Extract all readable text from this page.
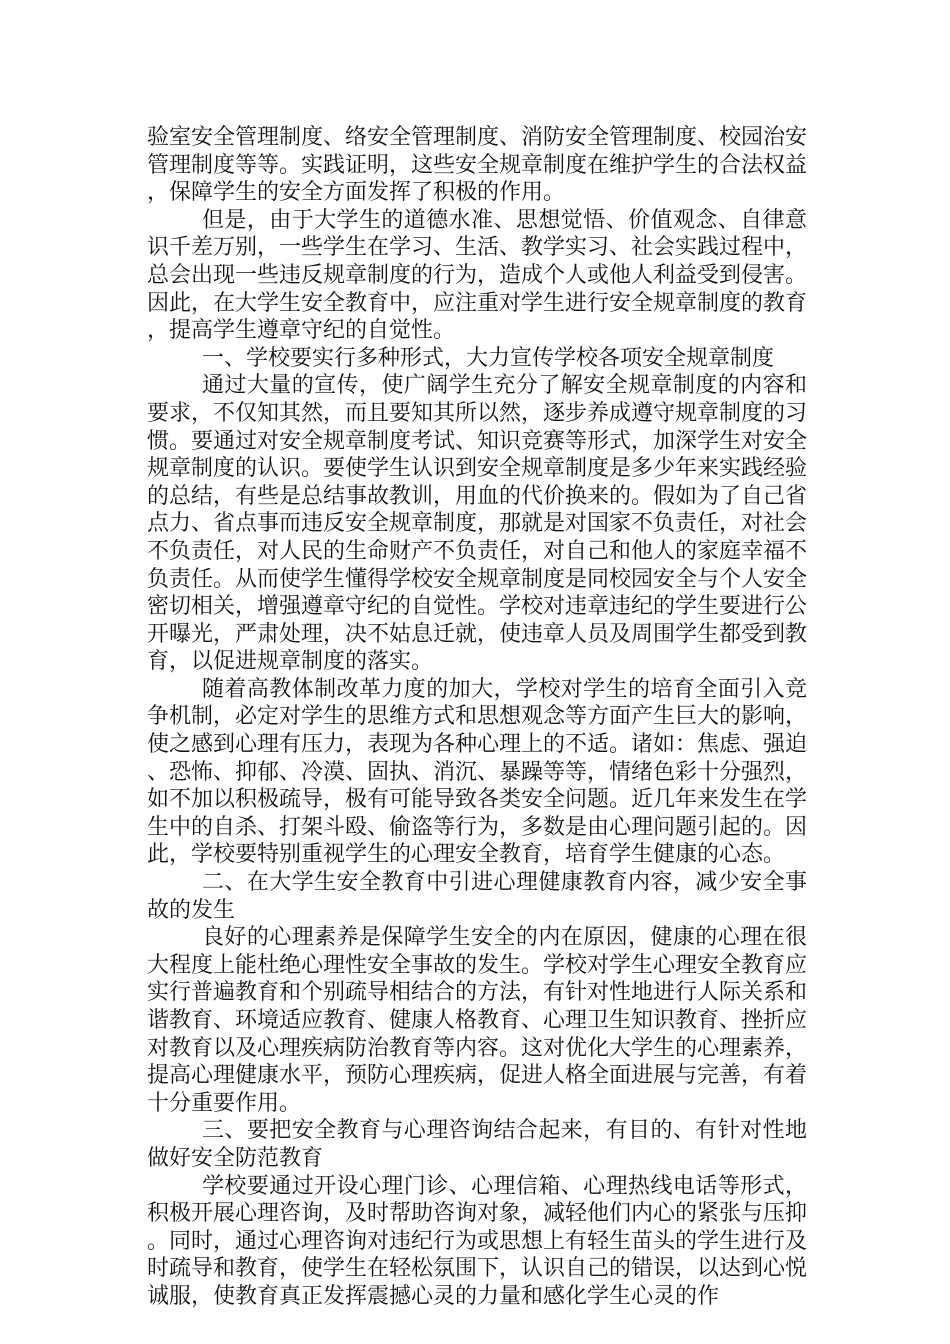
验室安全管理制度、络安全管理制度、消防安全管理制度、校园治安管理制度等等。实践证明，这些安全规章制度在维护学生的合法权益，保障学生的安全方面发挥了积极的作用。

但是，由于大学生的道德水准、思想觉悟、价值观念、自律意识千差万别，一些学生在学习、生活、教学实习、社会实践过程中，总会出现一些违反规章制度的行为，造成个人或他人利益受到侵害。因此，在大学生安全教育中，应注重对学生进行安全规章制度的教育，提高学生遵章守纪的自觉性。

一、学校要实行多种形式，大力宣传学校各项安全规章制度

通过大量的宣传，使广阔学生充分了解安全规章制度的内容和要求，不仅知其然，而且要知其所以然，逐步养成遵守规章制度的习惯。要通过对安全规章制度考试、知识竞赛等形式，加深学生对安全规章制度的认识。要使学生认识到安全规章制度是多少年来实践经验的总结，有些是总结事故教训，用血的代价换来的。假如为了自己省点力、省点事而违反安全规章制度，那就是对国家不负责任，对社会不负责任，对人民的生命财产不负责任，对自己和他人的家庭幸福不负责任。从而使学生懂得学校安全规章制度是同校园安全与个人安全密切相关，增强遵章守纪的自觉性。学校对违章违纪的学生要进行公开曝光，严肃处理，决不姑息迁就，使违章人员及周围学生都受到教育，以促进规章制度的落实。

随着高教体制改革力度的加大，学校对学生的培育全面引入竞争机制，必定对学生的思维方式和思想观念等方面产生巨大的影响，使之感到心理有压力，表现为各种心理上的不适。诸如：焦虑、强迫、恐怖、抑郁、冷漠、固执、消沉、暴躁等等，情绪色彩十分强烈，如不加以积极疏导，极有可能导致各类安全问题。近几年来发生在学生中的自杀、打架斗殴、偷盗等行为，多数是由心理问题引起的。因此，学校要特别重视学生的心理安全教育，培育学生健康的心态。

二、在大学生安全教育中引进心理健康教育内容，减少安全事故的发生

良好的心理素养是保障学生安全的内在原因，健康的心理在很大程度上能杜绝心理性安全事故的发生。学校对学生心理安全教育应实行普遍教育和个别疏导相结合的方法，有针对性地进行人际关系和谐教育、环境适应教育、健康人格教育、心理卫生知识教育、挫折应对教育以及心理疾病防治教育等内容。这对优化大学生的心理素养，提高心理健康水平，预防心理疾病，促进人格全面进展与完善，有着十分重要作用。

三、要把安全教育与心理咨询结合起来，有目的、有针对性地做好安全防范教育

学校要通过开设心理门诊、心理信箱、心理热线电话等形式，积极开展心理咨询，及时帮助咨询对象，减轻他们内心的紧张与压抑。同时，通过心理咨询对违纪行为或思想上有轻生苗头的学生进行及时疏导和教育，使学生在轻松氛围下，认识自己的错误，以达到心悦诚服，使教育真正发挥震撼心灵的力量和感化学生心灵的作
